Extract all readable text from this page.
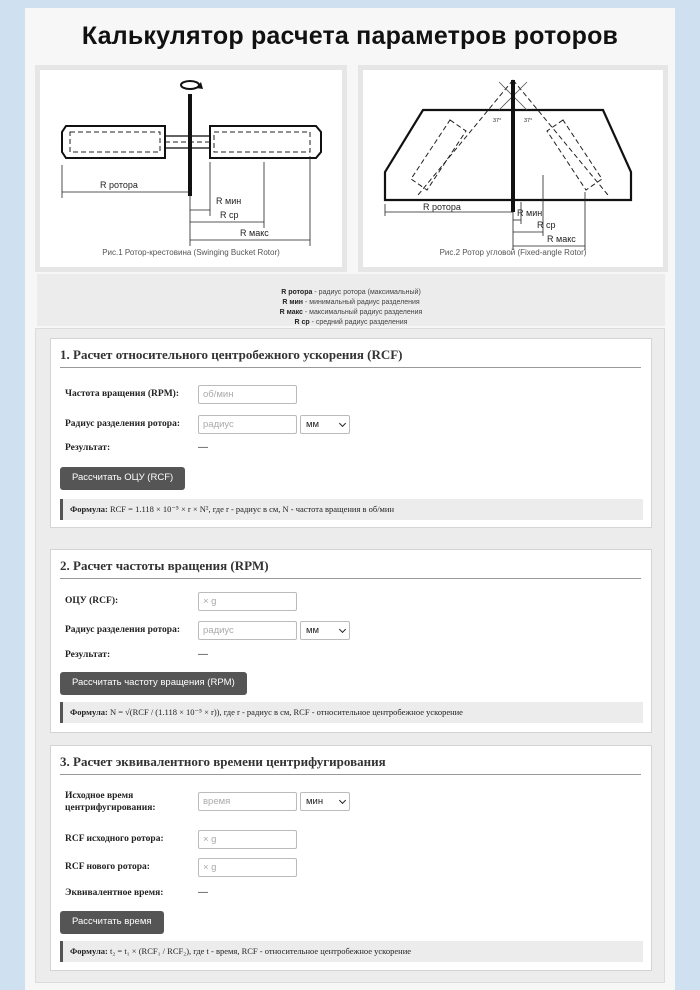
Калькулятор расчета параметров роторов
R ротора
R мин
R ср
R макс
Рис.1 Ротор-крестовина (Swinging Bucket Rotor)
37°	37°
R ротора
R мин
R ср
R макс
Рис.2 Ротор угловой (Fixed-angle Rotor)
R ротора - радиус ротора (максимальный)
R мин - минимальный радиус разделения
R макс - максимальный радиус разделения
R ср - средний радиус разделения
1. Расчет относительного центробежного ускорения (RCF)
Частота вращения (RPM):	об/мин
Радиус разделения ротора:	радиус	мм
Результат:	—
Рассчитать ОЦУ (RCF)
Формула: RCF = 1.118 × 10⁻⁵ × r × N², где r - радиус в см, N - частота вращения в об/мин
2. Расчет частоты вращения (RPM)
ОЦУ (RCF):	× g
Радиус разделения ротора:	радиус	мм
Результат:	—
Рассчитать частоту вращения (RPM)
Формула: N = √(RCF / (1.118 × 10⁻⁵ × r)), где r - радиус в см, RCF - относительное центробежное ускорение
3. Расчет эквивалентного времени центрифугирования
Исходное время
центрифугирования:
время	мин
RCF исходного ротора:	× g
RCF нового ротора:	× g
Эквивалентное время:	—
Рассчитать время
Формула: t₂ = t₁ × (RCF₁ / RCF₂), где t - время, RCF - относительное центробежное ускорение
